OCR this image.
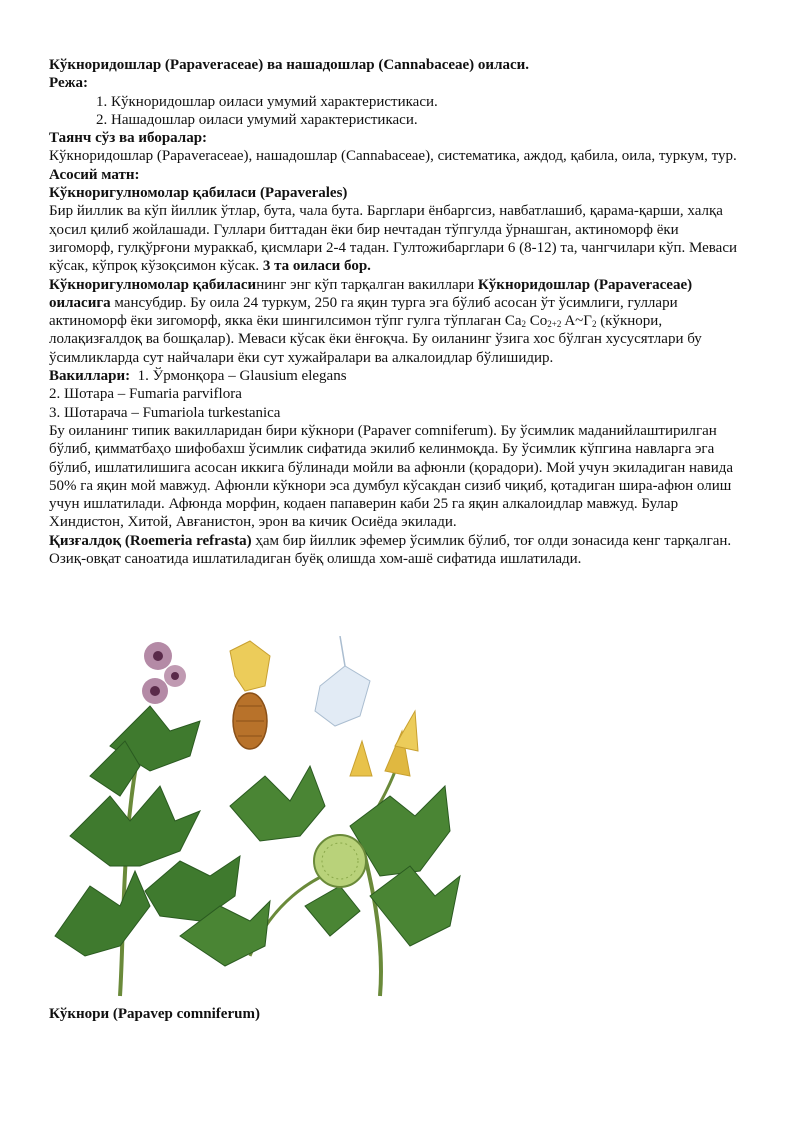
Кўкноридошлар (Papaveraceae) ва нашадошлар (Cannabaceae) оиласи.

Режа:

1. Кўкноридошлар оиласи умумий характеристикаси.

2. Нашадошлар оиласи умумий характеристикаси.

Таянч сўз ва иборалар:

Кўкноридошлар (Papaveraceae), нашадошлар (Cannabaceae), систематика, аждод, қабила, оила, туркум, тур.

Асосий матн:

Кўкноригулномолар қабиласи (Papaverales)

Бир йиллик ва кўп йиллик ўтлар, бута, чала бута. Барглари ёнбаргсиз, навбатлашиб, қарама-қарши, халқа ҳосил қилиб жойлашади. Гуллари биттадан ёки бир нечтадан тўпгулда ўрнашган, актиноморф ёки зигоморф, гулқўрғони мураккаб, қисмлари 2-4 тадан. Гултожибарглари 6 (8-12) та, чангчилари кўп. Меваси кўсак, кўпроқ кўзоқсимон кўсак. 3 та оиласи бор.

Кўкноригулномолар қабиласининг энг кўп тарқалган вакиллари Кўкноридошлар (Papaveraceae) оиласига мансубдир. Бу оила 24 туркум, 250 га яқин турга эга бўлиб асосан ўт ўсимлиги, гуллари актиноморф ёки зигоморф, якка ёки шингилсимон тўпг гулга тўплаган $Ca_2$ $Co_{2+2}$ $A\sim Г_2$ (кўкнори, лолақизғалдоқ ва бошқалар). Меваси кўсак ёки ёнғоқча. Бу оиланинг ўзига хос бўлган хусусятлари бу ўсимликларда сут найчалари ёки сут хужайралари ва алкалоидлар бўлишидир.

Вакиллари: 1. Ўрмонқора – Glausium elegans

2. Шотара – Fumaria parviflora

3. Шотарача – Fumariola turkestanica

Бу оиланинг типик вакилларидан бири кўкнори (Papaver comniferum). Бу ўсимлик маданийлаштирилган бўлиб, қимматбаҳо шифобахш ўсимлик сифатида экилиб келинмоқда. Бу ўсимлик кўпгина навларга эга бўлиб, ишлатилишига асосан иккига бўлинади мойли ва афюнли (қорадори). Мой учун экиладиган навида 50% га яқин мой мавжуд. Афюнли кўкнори эса думбул кўсакдан сизиб чиқиб, қотадиган шира-афюн олиш учун ишлатилади. Афюнда морфин, кодаен папаверин каби 25 га яқин алкалоидлар мавжуд. Булар Хиндистон, Хитой, Авғанистон, эрон ва кичик Осиёда экилади.

Қизғалдоқ (Roemeria refrasta) ҳам бир йиллик эфемер ўсимлик бўлиб, тоғ олди зонасида кенг тарқалган. Озиқ-овқат саноатида ишлатиладиган буёқ олишда хом-ашё сифатида ишлатилади.

Кўкнори (Papavep comniferum)
